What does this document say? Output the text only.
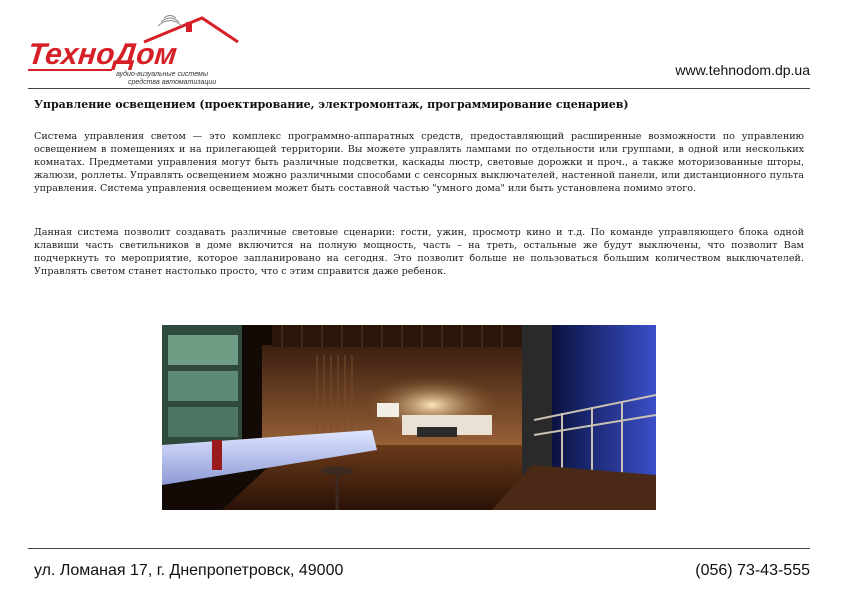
ТехноДом
аудио-визуальные системы
средства автоматизации
www.tehnodom.dp.ua
Управление освещением (проектирование, электромонтаж, программирование сценариев)
Система управления светом — это комплекс программно-аппаратных средств, предоставляющий расширенные возможности по управлению освещением в помещениях и на прилегающей территории. Вы можете управлять лампами по отдельности или группами, в одной или нескольких комнатах. Предметами управления могут быть различные подсветки, каскады люстр, световые дорожки и проч., а также моторизованные шторы, жалюзи, роллеты. Управлять освещением можно различными способами с сенсорных выключателей, настенной панели, или дистанционного пульта управления. Система управления освещением может быть составной частью "умного дома" или быть установлена помимо этого.
Данная система позволит создавать различные световые сценарии: гости, ужин, просмотр кино и т.д. По команде управляющего блока одной клавиши часть светильников в доме включится на полную мощность, часть – на треть, остальные же будут выключены, что позволит Вам подчеркнуть то мероприятие, которое запланировано на сегодня. Это позволит больше не пользоваться большим количеством выключателей. Управлять светом станет настолько просто, что с этим справится даже ребенок.
ул. Ломаная 17, г. Днепропетровск, 49000	(056) 73-43-555
